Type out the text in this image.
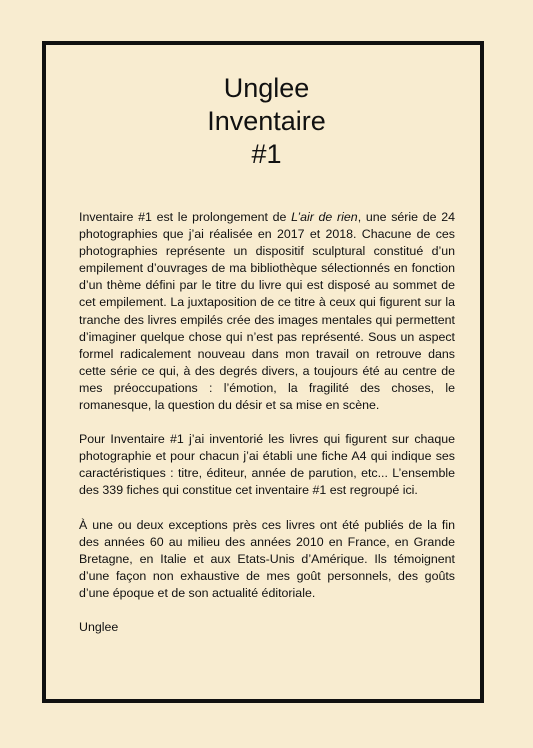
Unglee
Inventaire
#1

Inventaire #1 est le prolongement de L’air de rien, une série de 24 photographies que j’ai réalisée en 2017 et 2018. Chacune de ces photographies représente un dispositif sculptural constitué d’un empilement d’ouvrages de ma bibliothèque sélectionnés en fonction d’un thème défini par le titre du livre qui est disposé au sommet de cet empilement. La juxtaposition de ce titre à ceux qui figurent sur la tranche des livres empilés crée des images mentales qui permettent d’imaginer quelque chose qui n’est pas représenté. Sous un aspect formel radicalement nouveau dans mon travail on retrouve dans cette série ce qui, à des degrés divers, a toujours été au centre de mes préoccupations : l’émotion, la fragilité des choses, le romanesque, la question du désir et sa mise en scène.

Pour Inventaire #1 j’ai inventorié les livres qui figurent sur chaque photographie et pour chacun j’ai établi une fiche A4 qui indique ses caractéristiques : titre, éditeur, année de parution, etc... L’ensemble des 339 fiches qui constitue cet inventaire #1 est regroupé ici.

À une ou deux exceptions près ces livres ont été publiés de la fin des années 60 au milieu des années 2010 en France, en Grande Bretagne, en Italie et aux Etats-Unis d’Amérique. Ils témoignent d’une façon non exhaustive de mes goût personnels, des goûts d’une époque et de son actualité éditoriale.

Unglee
